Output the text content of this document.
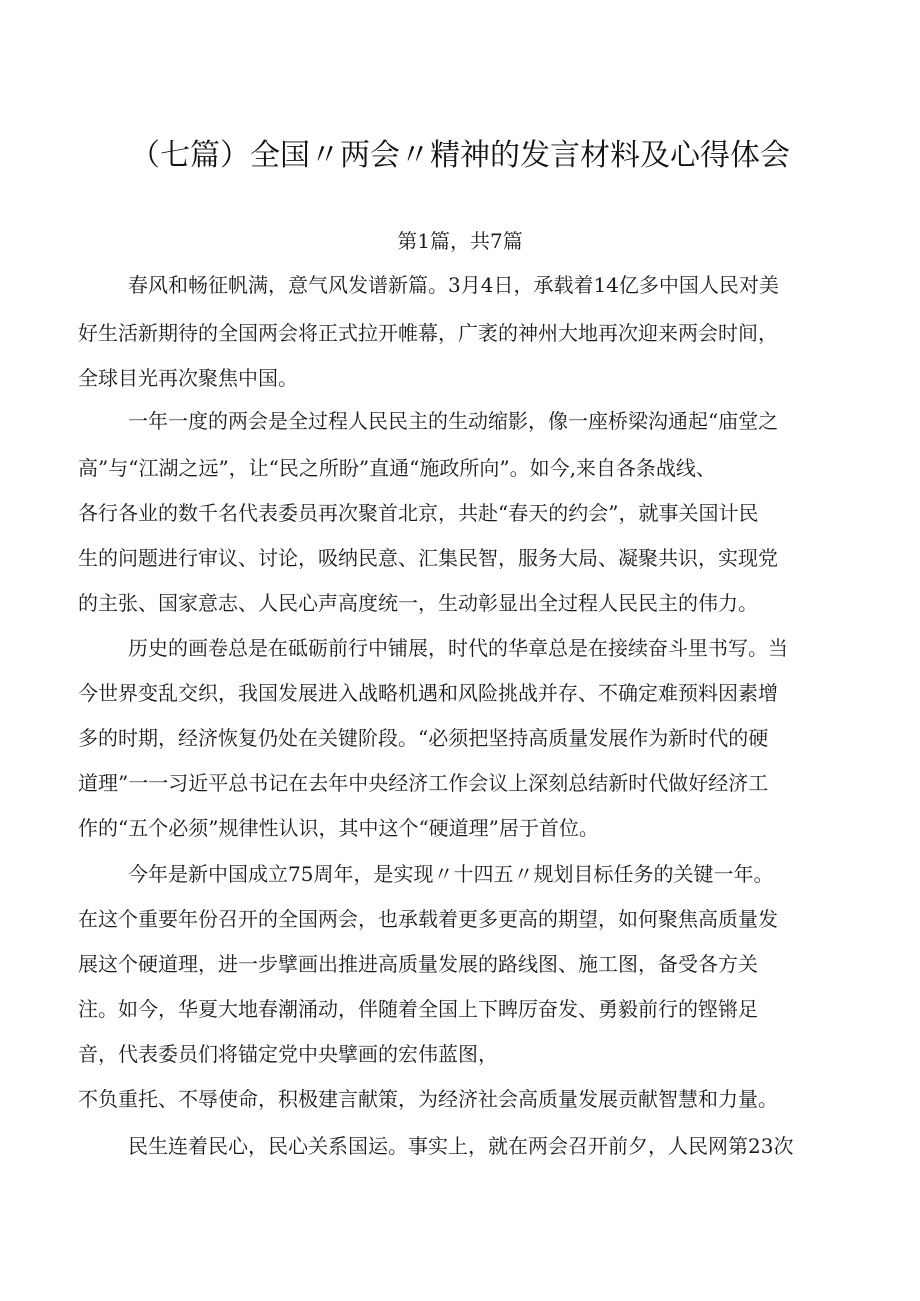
（七篇）全国〃两会〃精神的发言材料及心得体会
第1篇，共7篇
春风和畅征帆满，意气风发谱新篇。3月4日，承载着14亿多中国人民对美
好生活新期待的全国两会将正式拉开帷幕，广袤的神州大地再次迎来两会时间，
全球目光再次聚焦中国。
一年一度的两会是全过程人民民主的生动缩影，像一座桥梁沟通起“庙堂之
高”与“江湖之远”，让“民之所盼”直通“施政所向”。如今,来自各条战线、
各行各业的数千名代表委员再次聚首北京，共赴“春天的约会”，就事关国计民
生的问题进行审议、讨论，吸纳民意、汇集民智，服务大局、凝聚共识，实现党
的主张、国家意志、人民心声高度统一，生动彰显出全过程人民民主的伟力。
历史的画卷总是在砥砺前行中铺展，时代的华章总是在接续奋斗里书写。当
今世界变乱交织，我国发展进入战略机遇和风险挑战并存、不确定难预料因素增
多的时期，经济恢复仍处在关键阶段。“必须把坚持高质量发展作为新时代的硬
道理”一一习近平总书记在去年中央经济工作会议上深刻总结新时代做好经济工
作的“五个必须”规律性认识，其中这个“硬道理”居于首位。
今年是新中国成立75周年，是实现〃十四五〃规划目标任务的关键一年。
在这个重要年份召开的全国两会，也承载着更多更高的期望，如何聚焦高质量发
展这个硬道理，进一步擘画出推进高质量发展的路线图、施工图，备受各方关
注。如今，华夏大地春潮涌动，伴随着全国上下睥厉奋发、勇毅前行的铿锵足
音，代表委员们将锚定党中央擘画的宏伟蓝图，
不负重托、不辱使命，积极建言献策，为经济社会高质量发展贡献智慧和力量。
民生连着民心，民心关系国运。事实上，就在两会召开前夕，人民网第23次
